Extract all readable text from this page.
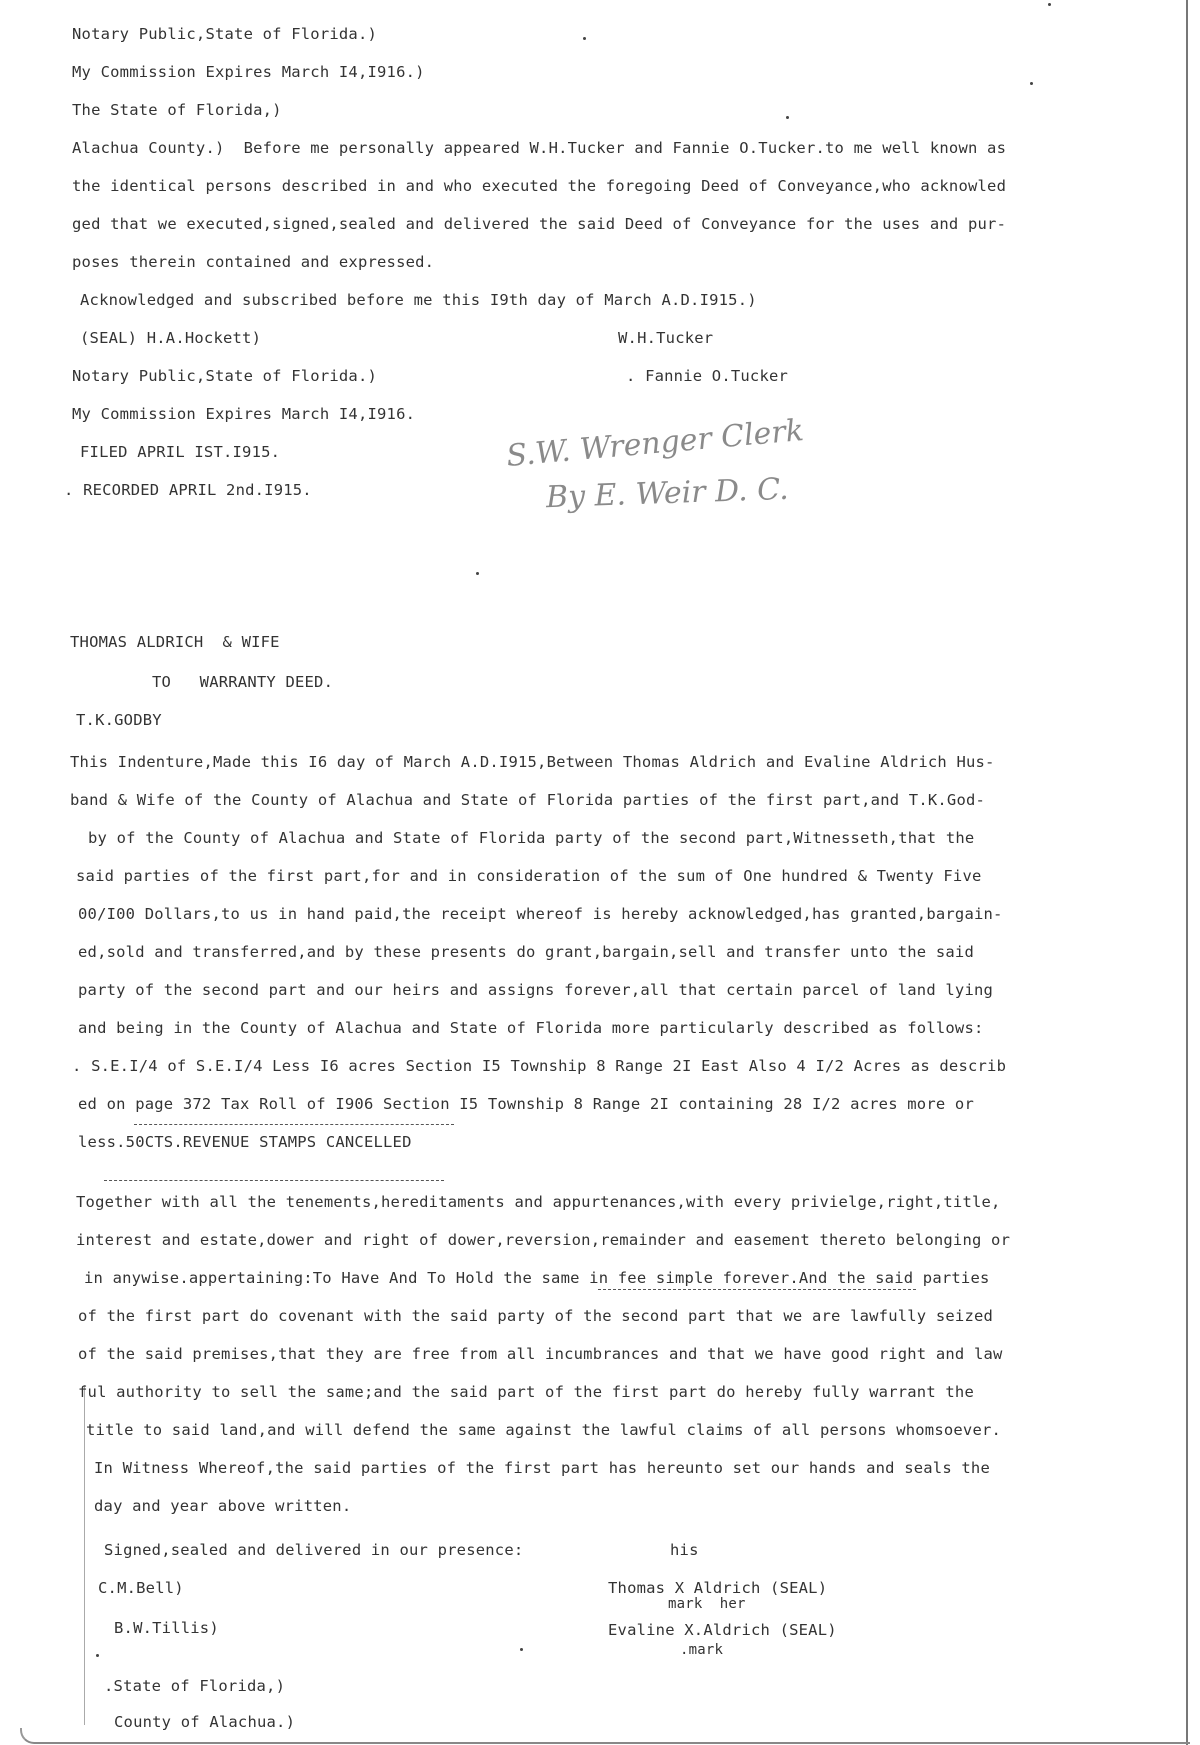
Notary Public,State of Florida.)
My Commission Expires March I4,I916.)
The State of Florida,)
Alachua County.)  Before me personally appeared W.H.Tucker and Fannie O.Tucker.to me well known as
the identical persons described in and who executed the foregoing Deed of Conveyance,who acknowled
ged that we executed,signed,sealed and delivered the said Deed of Conveyance for the uses and pur-
poses therein contained and expressed.
Acknowledged and subscribed before me this I9th day of March A.D.I915.)
(SEAL) H.A.Hockett)	W.H.Tucker
Notary Public,State of Florida.)	. Fannie O.Tucker
My Commission Expires March I4,I916.
FILED APRIL IST.I915.
. RECORDED APRIL 2nd.I915.
S.W. Wrenger Clerk
By E. Weir D. C.
THOMAS ALDRICH  & WIFE
TO   WARRANTY DEED.
T.K.GODBY
This Indenture,Made this I6 day of March A.D.I915,Between Thomas Aldrich and Evaline Aldrich Hus-
band & Wife of the County of Alachua and State of Florida parties of the first part,and T.K.God-
by of the County of Alachua and State of Florida party of the second part,Witnesseth,that the
said parties of the first part,for and in consideration of the sum of One hundred & Twenty Five
00/I00 Dollars,to us in hand paid,the receipt whereof is hereby acknowledged,has granted,bargain-
ed,sold and transferred,and by these presents do grant,bargain,sell and transfer unto the said
party of the second part and our heirs and assigns forever,all that certain parcel of land lying
and being in the County of Alachua and State of Florida more particularly described as follows:
. S.E.I/4 of S.E.I/4 Less I6 acres Section I5 Township 8 Range 2I East Also 4 I/2 Acres as describ
ed on page 372 Tax Roll of I906 Section I5 Township 8 Range 2I containing 28 I/2 acres more or
less.50CTS.REVENUE STAMPS CANCELLED
Together with all the tenements,hereditaments and appurtenances,with every privielge,right,title,
interest and estate,dower and right of dower,reversion,remainder and easement thereto belonging or
in anywise.appertaining:To Have And To Hold the same in fee simple forever.And the said parties
of the first part do covenant with the said party of the second part that we are lawfully seized
of the said premises,that they are free from all incumbrances and that we have good right and law
ful authority to sell the same;and the said part of the first part do hereby fully warrant the
title to said land,and will defend the same against the lawful claims of all persons whomsoever.
In Witness Whereof,the said parties of the first part has hereunto set our hands and seals the
day and year above written.
Signed,sealed and delivered in our presence:	his
C.M.Bell)	Thomas X Aldrich (SEAL)
mark  her
B.W.Tillis)	Evaline X.Aldrich (SEAL)
.mark
.State of Florida,)
County of Alachua.)
